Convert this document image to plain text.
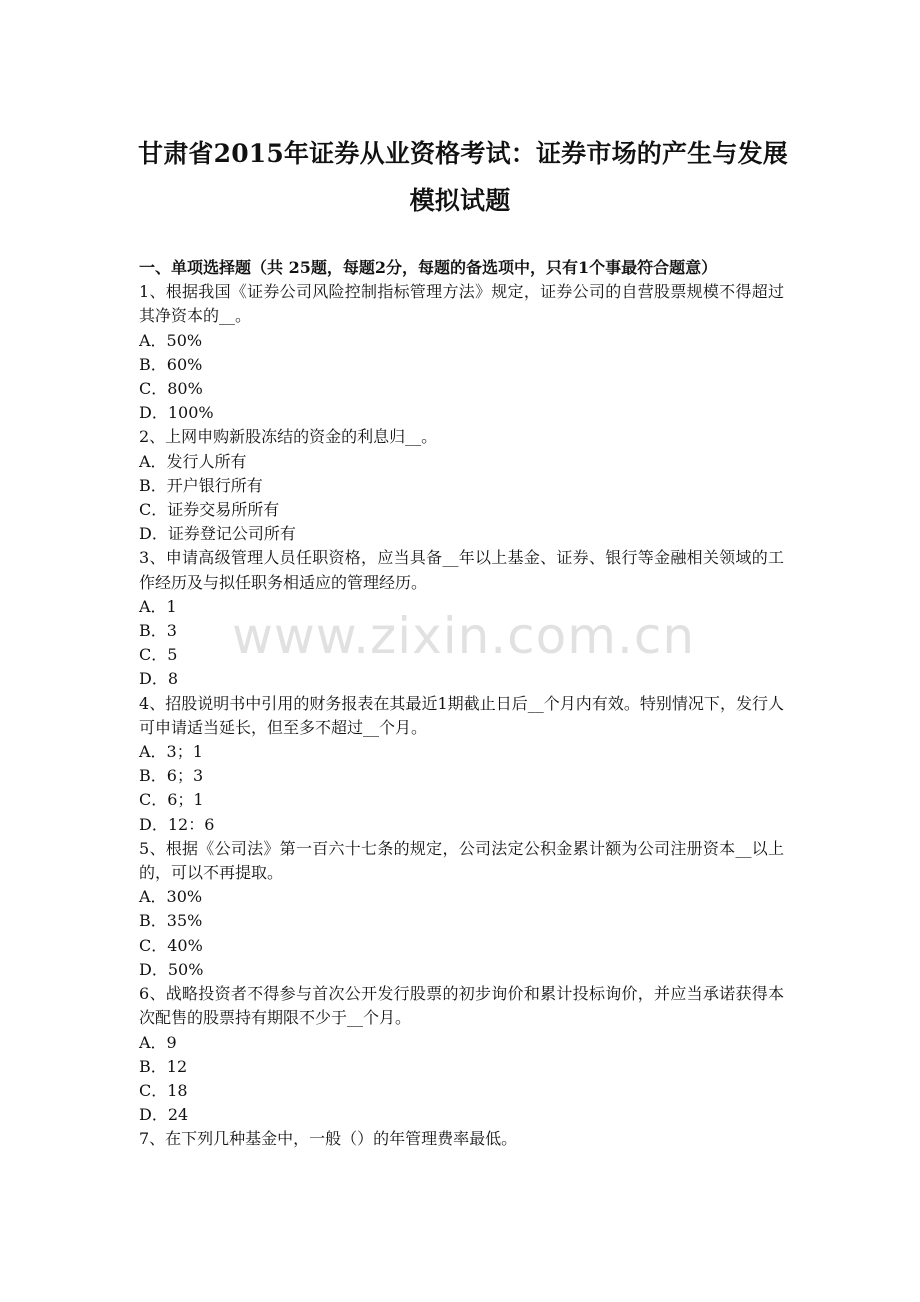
甘肃省2015年证券从业资格考试：证券市场的产生与发展
模拟试题
一、单项选择题（共 25题，每题2分，每题的备选项中，只有1个事最符合题意）
1、根据我国《证券公司风险控制指标管理方法》规定，证券公司的自营股票规模不得超过其净资本的__。
A．50%
B．60%
C．80%
D．100%
2、上网申购新股冻结的资金的利息归__。
A．发行人所有
B．开户银行所有
C．证券交易所所有
D．证券登记公司所有
3、申请高级管理人员任职资格，应当具备__年以上基金、证券、银行等金融相关领域的工作经历及与拟任职务相适应的管理经历。
A．1
B．3
C．5
D．8
4、招股说明书中引用的财务报表在其最近1期截止日后__个月内有效。特别情况下，发行人可申请适当延长，但至多不超过__个月。
A．3；1
B．6；3
C．6；1
D．12：6
5、根据《公司法》第一百六十七条的规定，公司法定公积金累计额为公司注册资本__以上的，可以不再提取。
A．30%
B．35%
C．40%
D．50%
6、战略投资者不得参与首次公开发行股票的初步询价和累计投标询价，并应当承诺获得本次配售的股票持有期限不少于__个月。
A．9
B．12
C．18
D．24
7、在下列几种基金中，一般（）的年管理费率最低。
www.zixin.com.cn
